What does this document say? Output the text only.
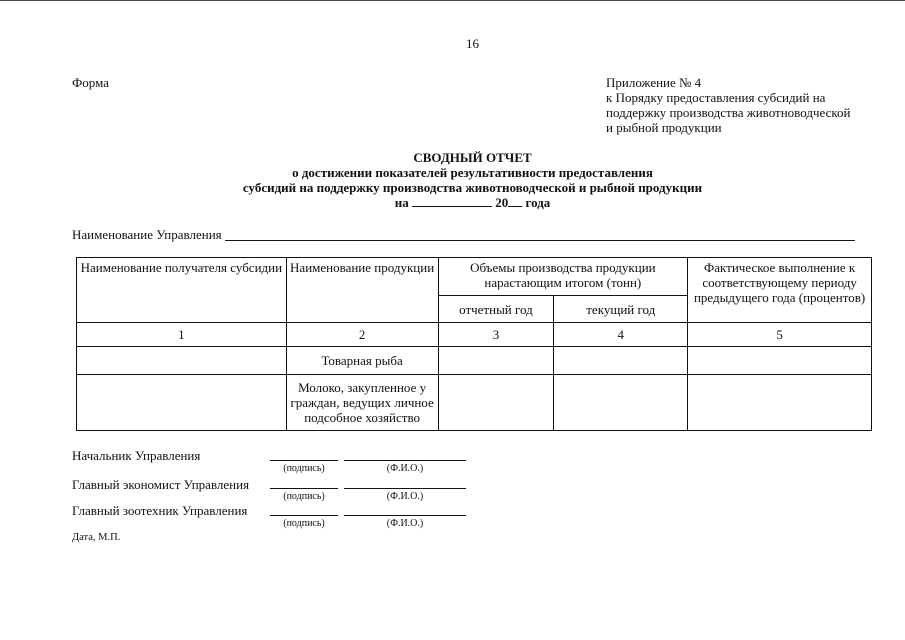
16
Форма	Приложение № 4
к Порядку предоставления субсидий на
поддержку производства животноводческой
и рыбной продукции
СВОДНЫЙ ОТЧЕТ
о достижении показателей результативности предоставления
субсидий на поддержку производства животноводческой и рыбной продукции
на	20 года
Наименование Управления
Наименование получателя субсидии	Наименование продукции	Объемы производства продукции нарастающим итогом (тонн)		Фактическое выполнение к соответствующему периоду предыдущего года (процентов)
		отчетный год	текущий год	
1	2	3	4	5
	Товарная рыба			
	Молоко, закупленное у граждан, ведущих личное подсобное хозяйство			
Начальник Управления
(подпись)	(Ф.И.О.)
Главный экономист Управления
(подпись)	(Ф.И.О.)
Главный зоотехник Управления
(подпись)	(Ф.И.О.)
Дата, М.П.
